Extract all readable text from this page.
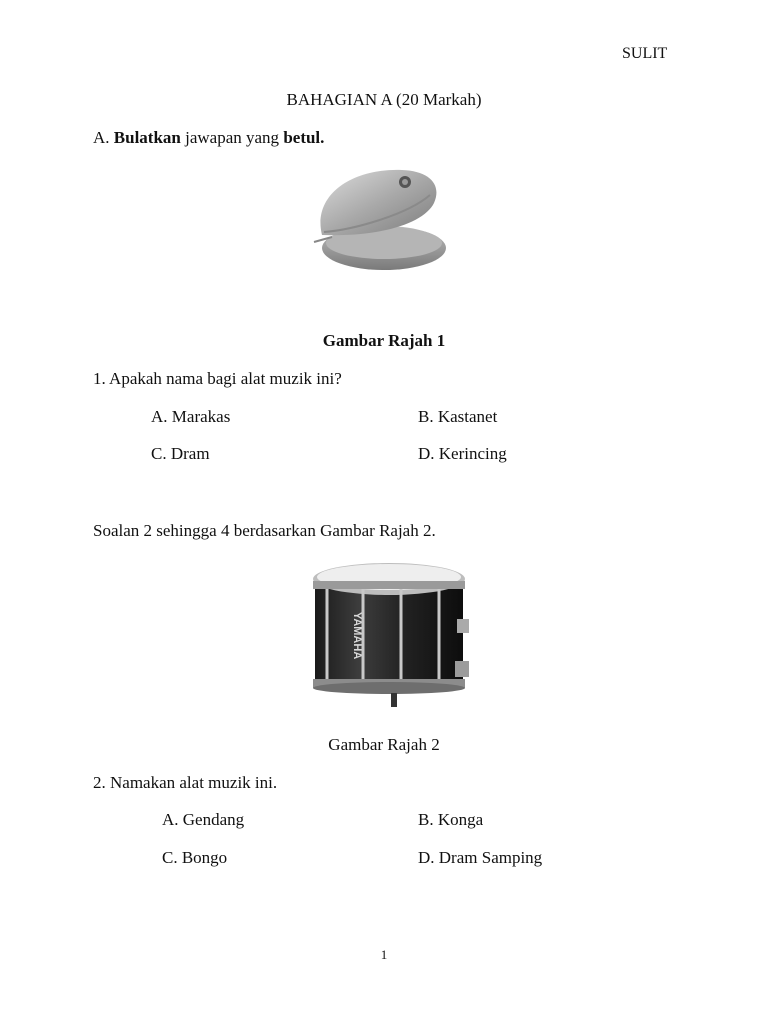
SULIT
BAHAGIAN A (20 Markah)
A. Bulatkan jawapan yang betul.
Gambar Rajah 1
1. Apakah nama bagi alat muzik ini?
A. Marakas	B. Kastanet
C. Dram	D. Kerincing
Soalan 2 sehingga 4 berdasarkan Gambar Rajah 2.
YAMAHA
Gambar Rajah 2
2. Namakan alat muzik ini.
A. Gendang	B. Konga
C. Bongo	D. Dram Samping
1
